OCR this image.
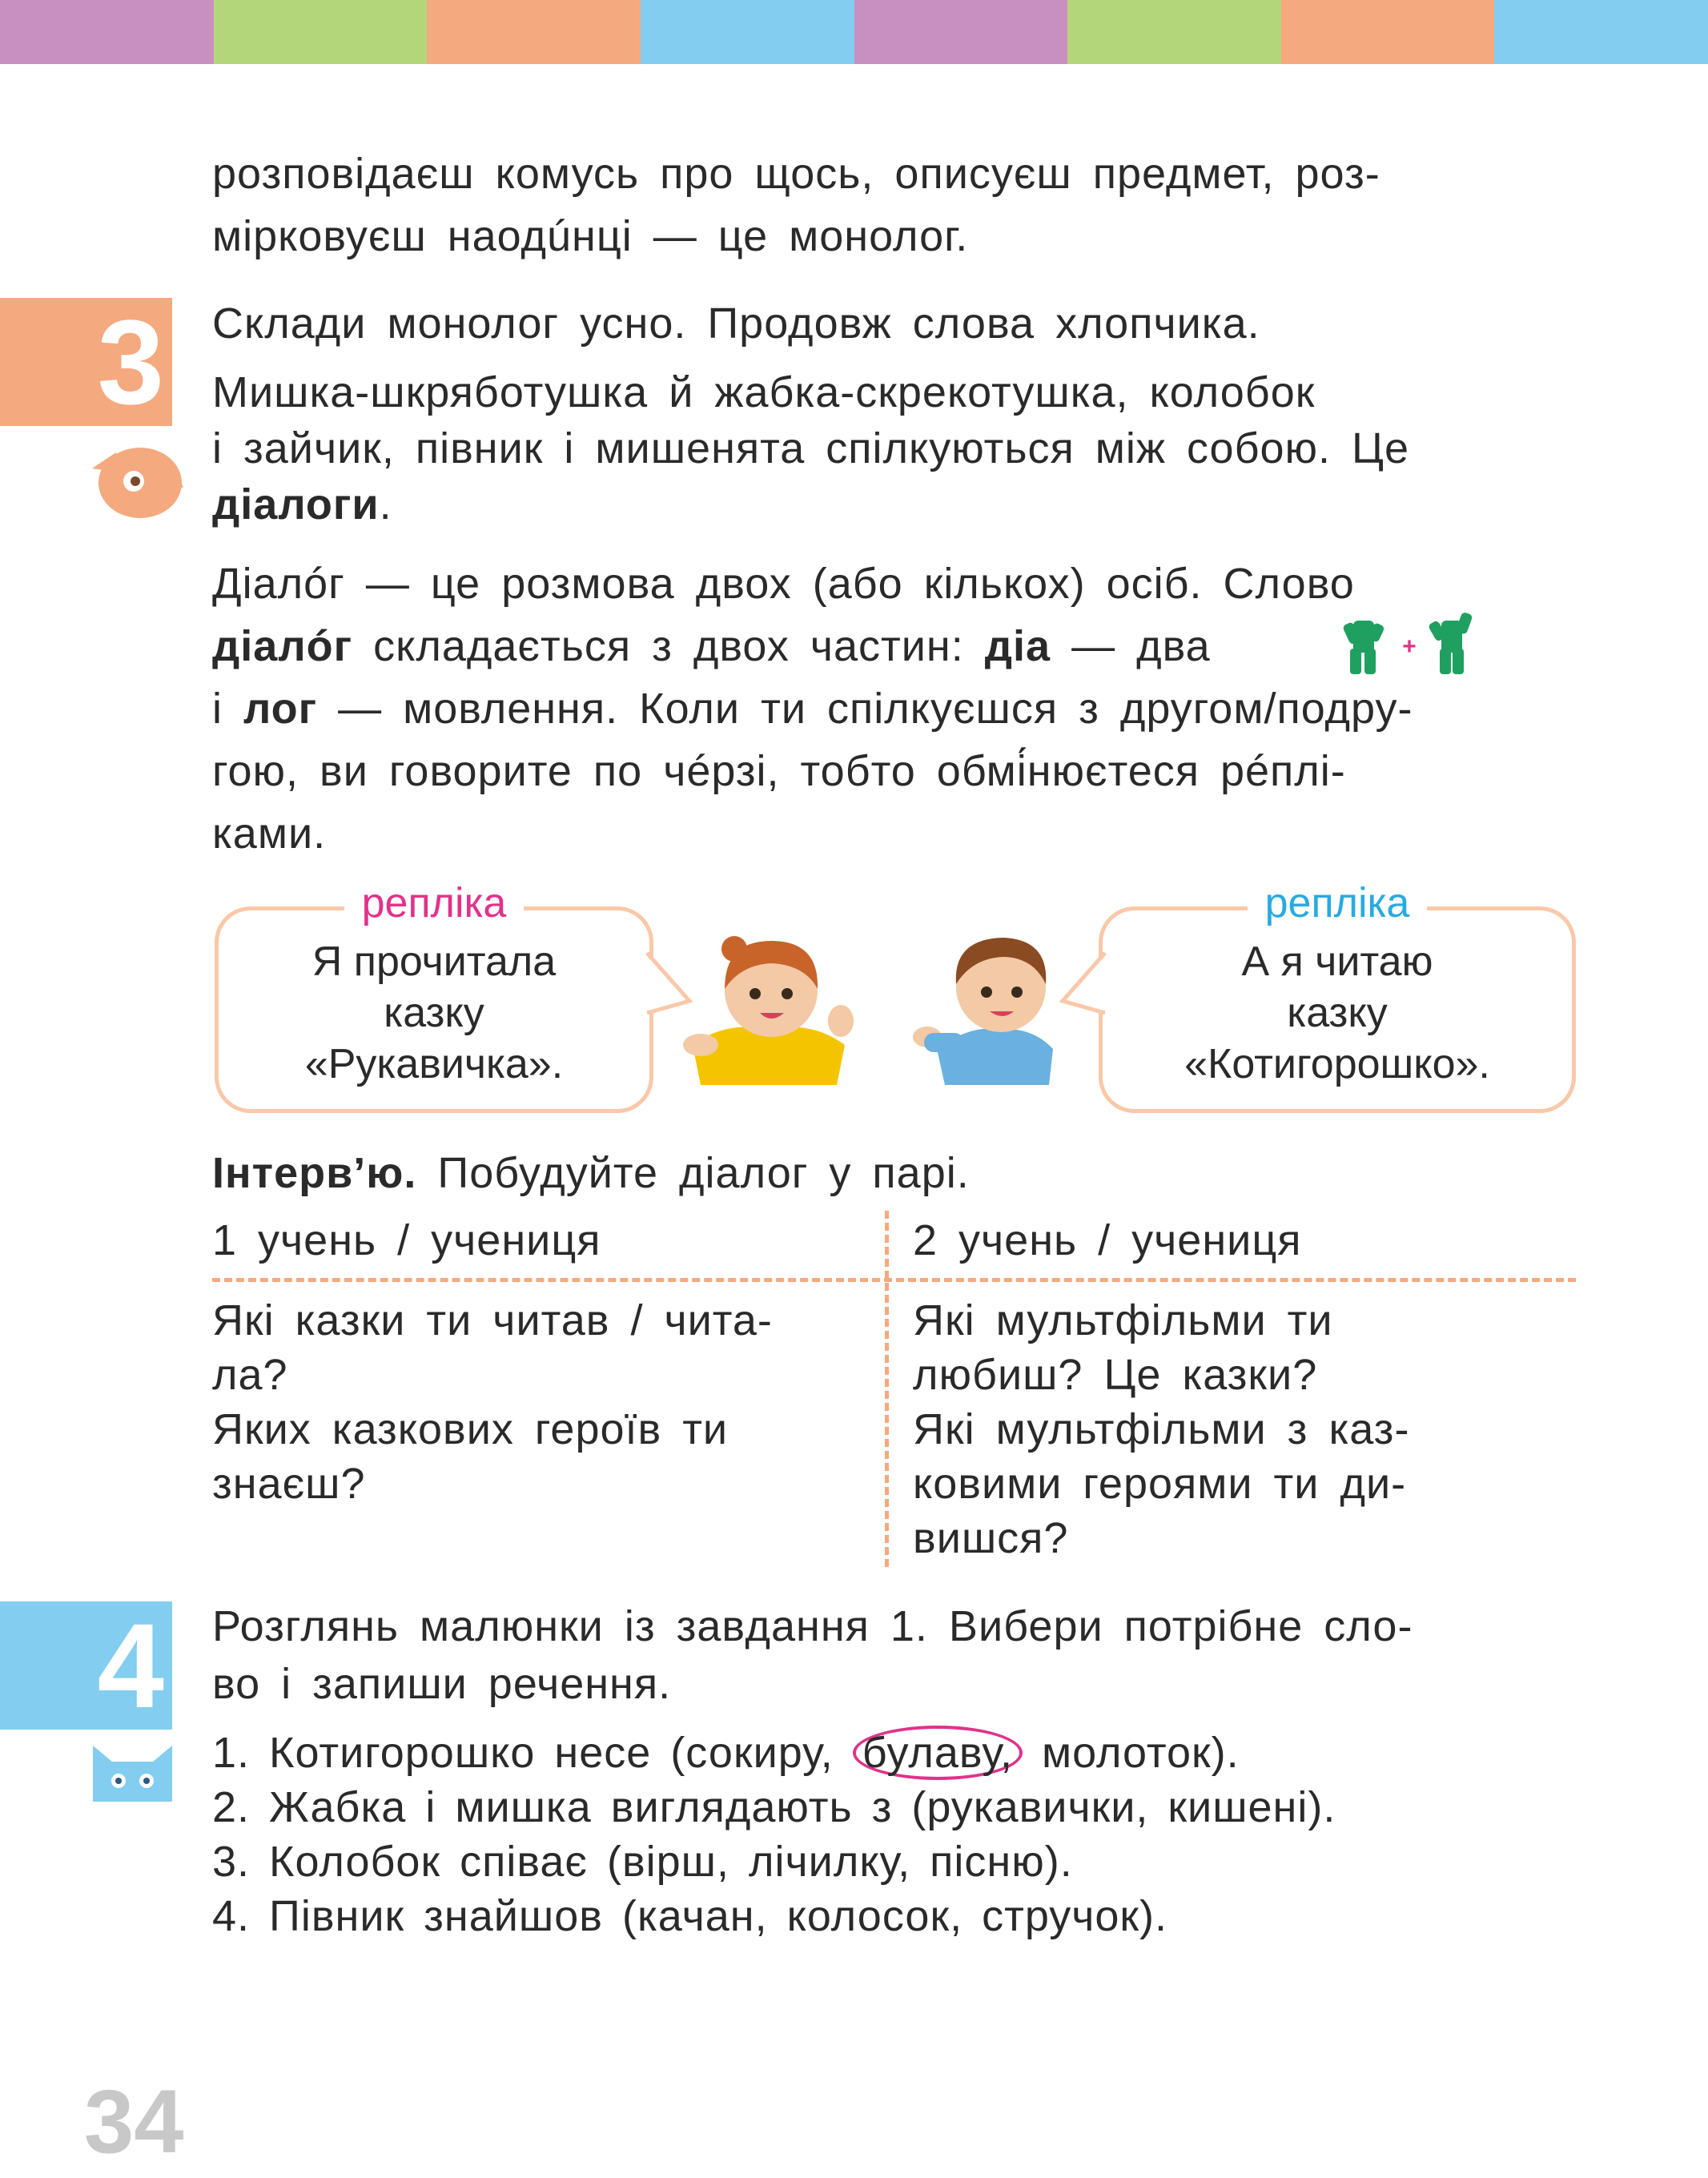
розповідаєш комусь про щось, описуєш предмет, роз-
мірковуєш наодúнці — це монолог.
3 Склади монолог усно. Продовж слова хлопчика.
Мишка-шкряботушка й жабка-скрекотушка, колобок
і зайчик, півник і мишенята спілкуються між собою. Це
діалоги.
Діалóг — це розмова двох (або кількох) осіб. Слово
діалóг складається з двох частин: діа — два
і лог — мовлення. Коли ти спілкуєшся з другом/подру-
гою, ви говорите по чéрзі, тобто обмі́нюєтеся рéплі-
ками.
+
репліка
Я прочитала
казку
«Рукавичка».
репліка
А я читаю
казку
«Котигорошко».
Інтерв’ю. Побудуйте діалог у парі.
1 учень / учениця	2 учень / учениця
Які казки ти читав / чита-
ла?
Яких казкових героїв ти
знаєш?
Які мультфільми ти
любиш? Це казки?
Які мультфільми з каз-
ковими героями ти ди-
вишся?
4 Розглянь малюнки із завдання 1. Вибери потрібне сло-
во і запиши речення.
1. Котигорошко несе (сокиру, булаву, молоток).
2. Жабка і мишка виглядають з (рукавички, кишені).
3. Колобок співає (вірш, лічилку, пісню).
4. Півник знайшов (качан, колосок, стручок).
34
